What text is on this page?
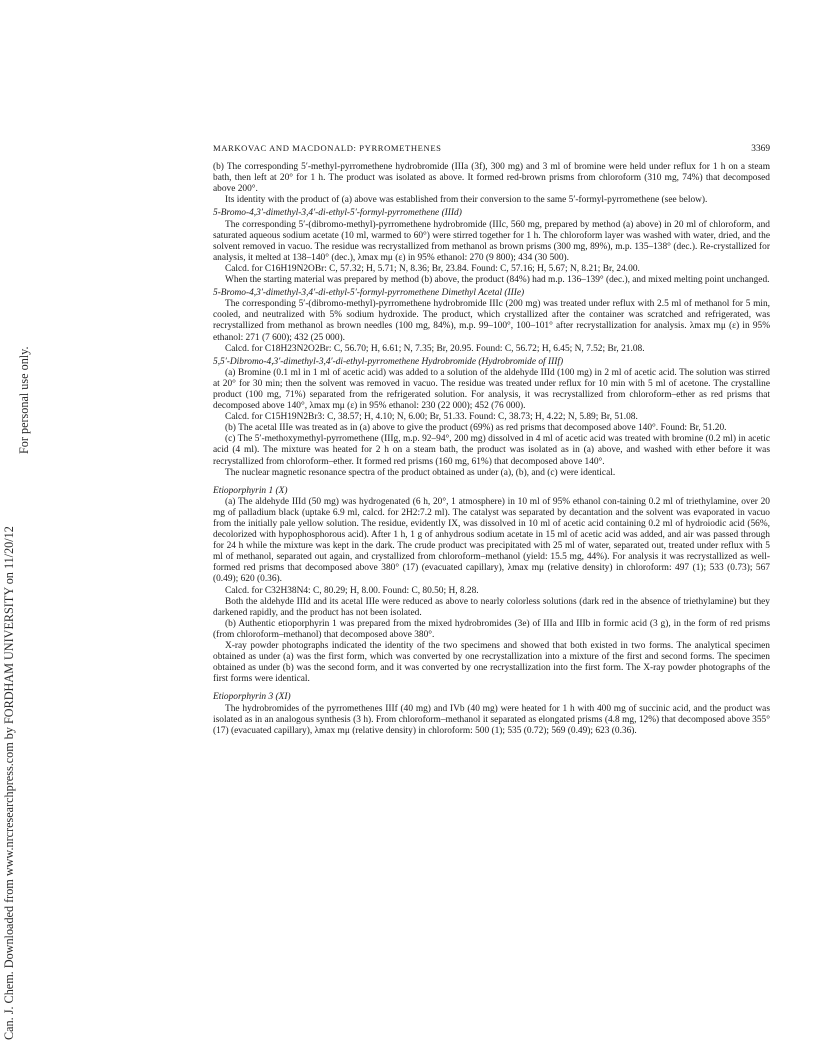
Can. J. Chem. Downloaded from www.nrcresearchpress.com by FORDHAM UNIVERSITY on 11/20/12
For personal use only.
MARKOVAC AND MACDONALD: PYRROMETHENES	3369

(b) The corresponding 5′-methyl-pyrromethene hydrobromide (IIIa (3f), 300 mg) and 3 ml of bromine were held under reflux for 1 h on a steam bath, then left at 20° for 1 h. The product was isolated as above. It formed red-brown prisms from chloroform (310 mg, 74%) that decomposed above 200°.

Its identity with the product of (a) above was established from their conversion to the same 5′-formyl-pyrromethene (see below).

5-Bromo-4,3′-dimethyl-3,4′-di-ethyl-5′-formyl-pyrromethene (IIId)

The corresponding 5′-(dibromo-methyl)-pyrromethene hydrobromide (IIIc, 560 mg, prepared by method (a) above) in 20 ml of chloroform, and saturated aqueous sodium acetate (10 ml, warmed to 60°) were stirred together for 1 h. The chloroform layer was washed with water, dried, and the solvent removed in vacuo. The residue was recrystallized from methanol as brown prisms (300 mg, 89%), m.p. 135–138° (dec.). Re-crystallized for analysis, it melted at 138–140° (dec.), λmax mμ (ε) in 95% ethanol: 270 (9 800); 434 (30 500).

Calcd. for C16H19N2OBr: C, 57.32; H, 5.71; N, 8.36; Br, 23.84. Found: C, 57.16; H, 5.67; N, 8.21; Br, 24.00.

When the starting material was prepared by method (b) above, the product (84%) had m.p. 136–139° (dec.), and mixed melting point unchanged.

5-Bromo-4,3′-dimethyl-3,4′-di-ethyl-5′-formyl-pyrromethene Dimethyl Acetal (IIIe)

The corresponding 5′-(dibromo-methyl)-pyrromethene hydrobromide IIIc (200 mg) was treated under reflux with 2.5 ml of methanol for 5 min, cooled, and neutralized with 5% sodium hydroxide. The product, which crystallized after the container was scratched and refrigerated, was recrystallized from methanol as brown needles (100 mg, 84%), m.p. 99–100°, 100–101° after recrystallization for analysis. λmax mμ (ε) in 95% ethanol: 271 (7 600); 432 (25 000).

Calcd. for C18H23N2O2Br: C, 56.70; H, 6.61; N, 7.35; Br, 20.95. Found: C, 56.72; H, 6.45; N, 7.52; Br, 21.08.

5,5′-Dibromo-4,3′-dimethyl-3,4′-di-ethyl-pyrromethene Hydrobromide (Hydrobromide of IIIf)

(a) Bromine (0.1 ml in 1 ml of acetic acid) was added to a solution of the aldehyde IIId (100 mg) in 2 ml of acetic acid. The solution was stirred at 20° for 30 min; then the solvent was removed in vacuo. The residue was treated under reflux for 10 min with 5 ml of acetone. The crystalline product (100 mg, 71%) separated from the refrigerated solution. For analysis, it was recrystallized from chloroform–ether as red prisms that decomposed above 140°, λmax mμ (ε) in 95% ethanol: 230 (22 000); 452 (76 000).

Calcd. for C15H19N2Br3: C, 38.57; H, 4.10; N, 6.00; Br, 51.33. Found: C, 38.73; H, 4.22; N, 5.89; Br, 51.08.

(b) The acetal IIIe was treated as in (a) above to give the product (69%) as red prisms that decomposed above 140°. Found: Br, 51.20.

(c) The 5′-methoxymethyl-pyrromethene (IIIg, m.p. 92–94°, 200 mg) dissolved in 4 ml of acetic acid was treated with bromine (0.2 ml) in acetic acid (4 ml). The mixture was heated for 2 h on a steam bath, the product was isolated as in (a) above, and washed with ether before it was recrystallized from chloroform–ether. It formed red prisms (160 mg, 61%) that decomposed above 140°.

The nuclear magnetic resonance spectra of the product obtained as under (a), (b), and (c) were identical.

Etioporphyrin 1 (X)

(a) The aldehyde IIId (50 mg) was hydrogenated (6 h, 20°, 1 atmosphere) in 10 ml of 95% ethanol con-taining 0.2 ml of triethylamine, over 20 mg of palladium black (uptake 6.9 ml, calcd. for 2H2:7.2 ml). The catalyst was separated by decantation and the solvent was evaporated in vacuo from the initially pale yellow solution. The residue, evidently IX, was dissolved in 10 ml of acetic acid containing 0.2 ml of hydroiodic acid (56%, decolorized with hypophosphorous acid). After 1 h, 1 g of anhydrous sodium acetate in 15 ml of acetic acid was added, and air was passed through for 24 h while the mixture was kept in the dark. The crude product was precipitated with 25 ml of water, separated out, treated under reflux with 5 ml of methanol, separated out again, and crystallized from chloroform–methanol (yield: 15.5 mg, 44%). For analysis it was recrystallized as well-formed red prisms that decomposed above 380° (17) (evacuated capillary), λmax mμ (relative density) in chloroform: 497 (1); 533 (0.73); 567 (0.49); 620 (0.36).

Calcd. for C32H38N4: C, 80.29; H, 8.00. Found: C, 80.50; H, 8.28.

Both the aldehyde IIId and its acetal IIIe were reduced as above to nearly colorless solutions (dark red in the absence of triethylamine) but they darkened rapidly, and the product has not been isolated.

(b) Authentic etioporphyrin 1 was prepared from the mixed hydrobromides (3e) of IIIa and IIIb in formic acid (3 g), in the form of red prisms (from chloroform–methanol) that decomposed above 380°.

X-ray powder photographs indicated the identity of the two specimens and showed that both existed in two forms. The analytical specimen obtained as under (a) was the first form, which was converted by one recrystallization into a mixture of the first and second forms. The specimen obtained as under (b) was the second form, and it was converted by one recrystallization into the first form. The X-ray powder photographs of the first forms were identical.

Etioporphyrin 3 (XI)

The hydrobromides of the pyrromethenes IIIf (40 mg) and IVb (40 mg) were heated for 1 h with 400 mg of succinic acid, and the product was isolated as in an analogous synthesis (3 h). From chloroform–methanol it separated as elongated prisms (4.8 mg, 12%) that decomposed above 355° (17) (evacuated capillary), λmax mμ (relative density) in chloroform: 500 (1); 535 (0.72); 569 (0.49); 623 (0.36).
